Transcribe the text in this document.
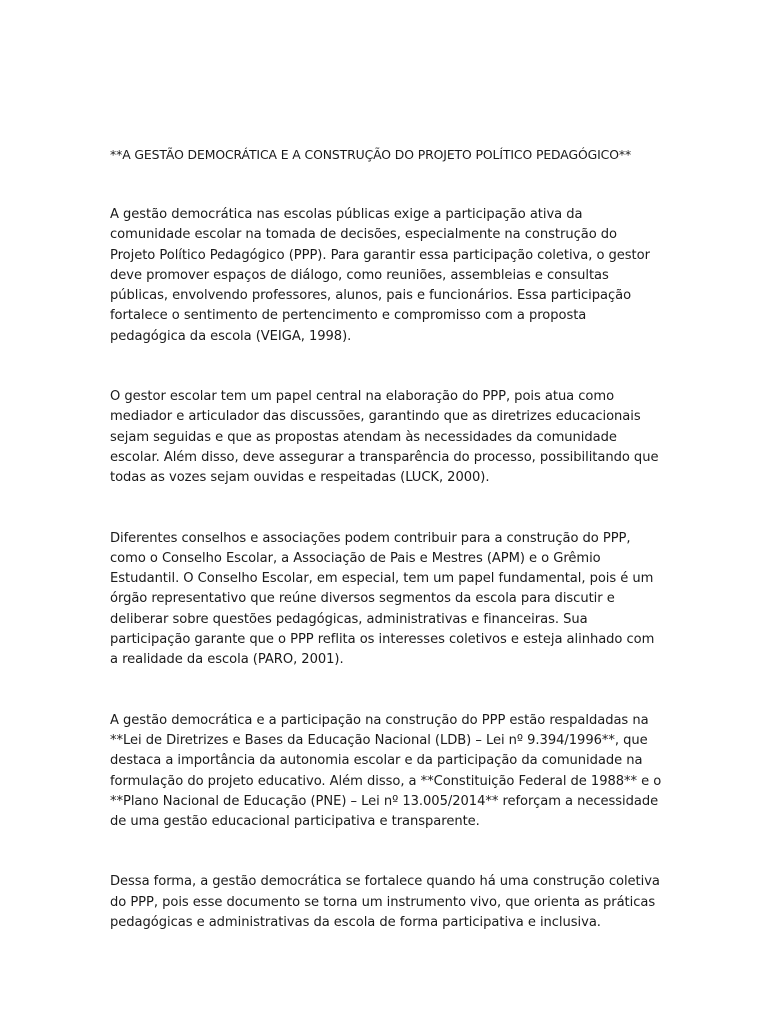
**A GESTÃO DEMOCRÁTICA E A CONSTRUÇÃO DO PROJETO POLÍTICO PEDAGÓGICO**

A gestão democrática nas escolas públicas exige a participação ativa da comunidade escolar na tomada de decisões, especialmente na construção do Projeto Político Pedagógico (PPP). Para garantir essa participação coletiva, o gestor deve promover espaços de diálogo, como reuniões, assembleias e consultas públicas, envolvendo professores, alunos, pais e funcionários. Essa participação fortalece o sentimento de pertencimento e compromisso com a proposta pedagógica da escola (VEIGA, 1998).

O gestor escolar tem um papel central na elaboração do PPP, pois atua como mediador e articulador das discussões, garantindo que as diretrizes educacionais sejam seguidas e que as propostas atendam às necessidades da comunidade escolar. Além disso, deve assegurar a transparência do processo, possibilitando que todas as vozes sejam ouvidas e respeitadas (LUCK, 2000).

Diferentes conselhos e associações podem contribuir para a construção do PPP, como o Conselho Escolar, a Associação de Pais e Mestres (APM) e o Grêmio Estudantil. O Conselho Escolar, em especial, tem um papel fundamental, pois é um órgão representativo que reúne diversos segmentos da escola para discutir e deliberar sobre questões pedagógicas, administrativas e financeiras. Sua participação garante que o PPP reflita os interesses coletivos e esteja alinhado com a realidade da escola (PARO, 2001).

A gestão democrática e a participação na construção do PPP estão respaldadas na **Lei de Diretrizes e Bases da Educação Nacional (LDB) – Lei nº 9.394/1996**, que destaca a importância da autonomia escolar e da participação da comunidade na formulação do projeto educativo. Além disso, a **Constituição Federal de 1988** e o **Plano Nacional de Educação (PNE) – Lei nº 13.005/2014** reforçam a necessidade de uma gestão educacional participativa e transparente.

Dessa forma, a gestão democrática se fortalece quando há uma construção coletiva do PPP, pois esse documento se torna um instrumento vivo, que orienta as práticas pedagógicas e administrativas da escola de forma participativa e inclusiva.
